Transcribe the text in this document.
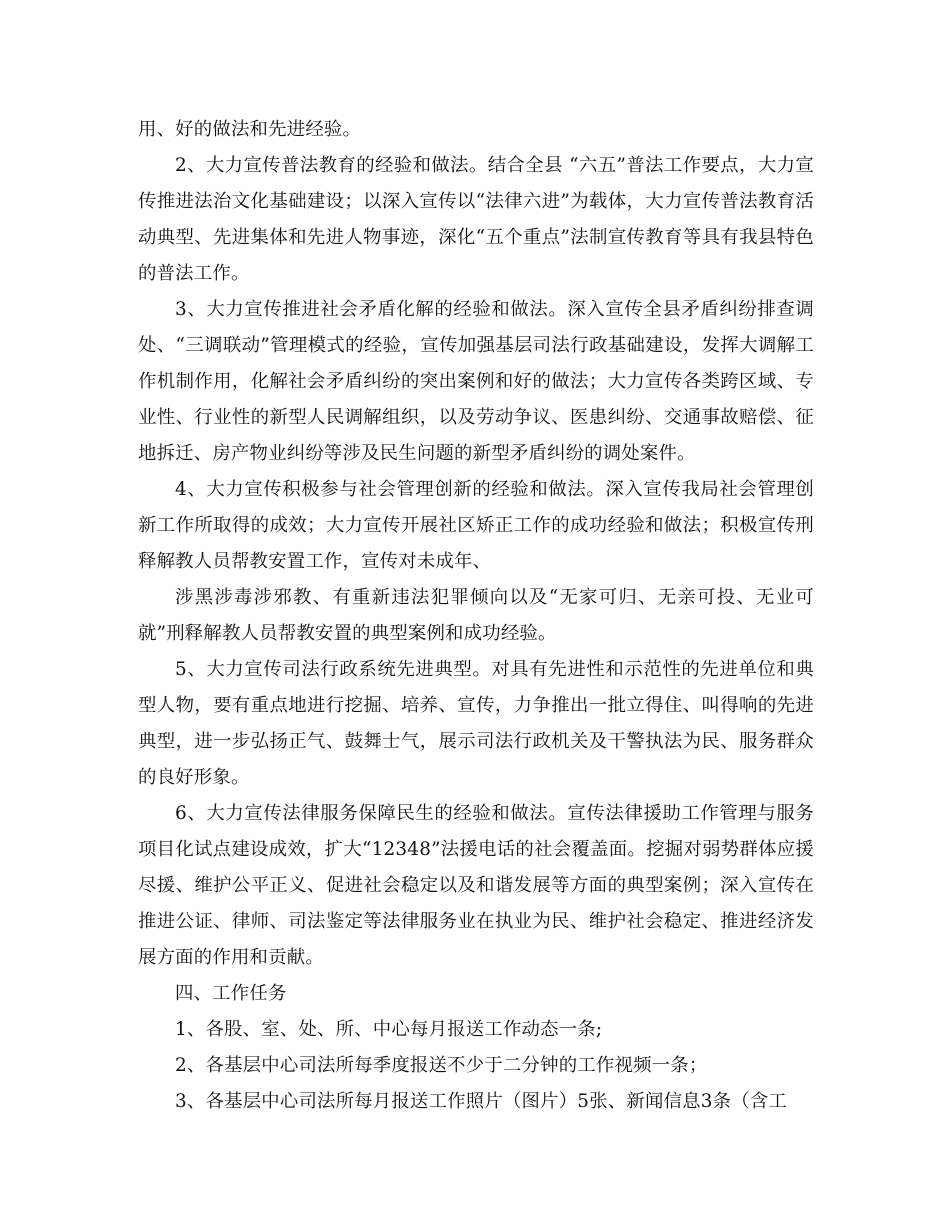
用、好的做法和先进经验。

2、大力宣传普法教育的经验和做法。结合全县 “六五”普法工作要点，大力宣传推进法治文化基础建设；以深入宣传以“法律六进”为载体，大力宣传普法教育活动典型、先进集体和先进人物事迹，深化“五个重点”法制宣传教育等具有我县特色的普法工作。

3、大力宣传推进社会矛盾化解的经验和做法。深入宣传全县矛盾纠纷排查调处、“三调联动”管理模式的经验，宣传加强基层司法行政基础建设，发挥大调解工作机制作用，化解社会矛盾纠纷的突出案例和好的做法；大力宣传各类跨区域、专业性、行业性的新型人民调解组织，以及劳动争议、医患纠纷、交通事故赔偿、征地拆迁、房产物业纠纷等涉及民生问题的新型矛盾纠纷的调处案件。

4、大力宣传积极参与社会管理创新的经验和做法。深入宣传我局社会管理创新工作所取得的成效；大力宣传开展社区矫正工作的成功经验和做法；积极宣传刑释解教人员帮教安置工作，宣传对未成年、

涉黑涉毒涉邪教、有重新违法犯罪倾向以及“无家可归、无亲可投、无业可就”刑释解教人员帮教安置的典型案例和成功经验。

5、大力宣传司法行政系统先进典型。对具有先进性和示范性的先进单位和典型人物，要有重点地进行挖掘、培养、宣传，力争推出一批立得住、叫得响的先进典型，进一步弘扬正气、鼓舞士气，展示司法行政机关及干警执法为民、服务群众的良好形象。

6、大力宣传法律服务保障民生的经验和做法。宣传法律援助工作管理与服务项目化试点建设成效，扩大“12348”法援电话的社会覆盖面。挖掘对弱势群体应援尽援、维护公平正义、促进社会稳定以及和谐发展等方面的典型案例；深入宣传在推进公证、律师、司法鉴定等法律服务业在执业为民、维护社会稳定、推进经济发展方面的作用和贡献。

四、工作任务

1、各股、室、处、所、中心每月报送工作动态一条;

2、各基层中心司法所每季度报送不少于二分钟的工作视频一条；

3、各基层中心司法所每月报送工作照片（图片）5张、新闻信息3条（含工
